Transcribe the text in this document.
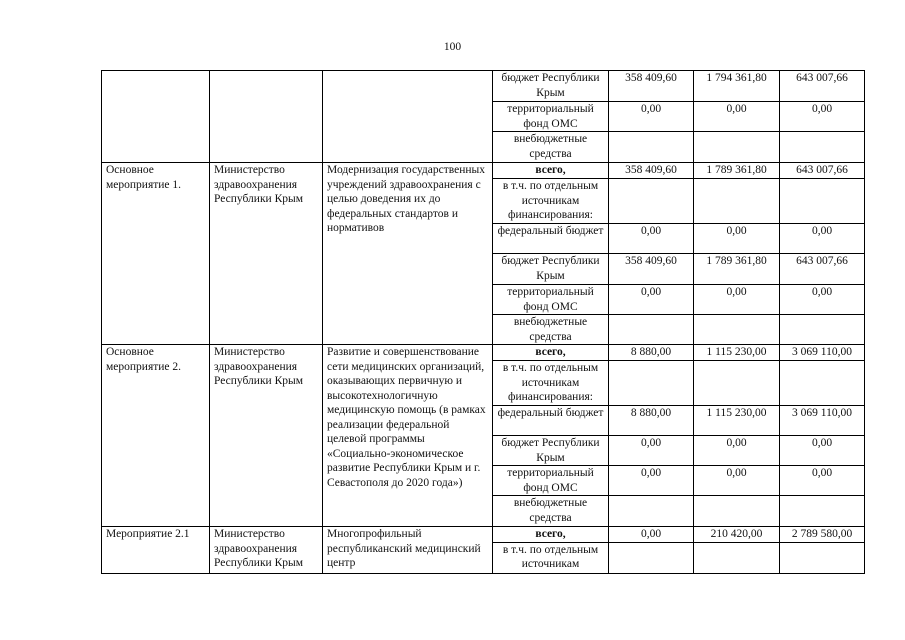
100
			бюджет Республики Крым	358 409,60	1 794 361,80	643 007,66
			территориальный фонд ОМС	0,00	0,00	0,00
			внебюджетные средства			
Основное мероприятие 1.	Министерство здравоохранения Республики Крым	Модернизация государственных учреждений здравоохранения с целью доведения их до федеральных стандартов и нормативов	всего,	358 409,60	1 789 361,80	643 007,66
			в т.ч. по отдельным источникам финансирования:			
			федеральный бюджет	0,00	0,00	0,00
			бюджет Республики Крым	358 409,60	1 789 361,80	643 007,66
			территориальный фонд ОМС	0,00	0,00	0,00
			внебюджетные средства			
Основное мероприятие 2.	Министерство здравоохранения Республики Крым	Развитие и совершенствование сети медицинских организаций, оказывающих первичную и высокотехнологичную медицинскую помощь (в рамках реализации федеральной целевой программы «Социально-экономическое развитие Республики Крым и г. Севастополя до 2020 года»)	всего,	8 880,00	1 115 230,00	3 069 110,00
			в т.ч. по отдельным источникам финансирования:			
			федеральный бюджет	8 880,00	1 115 230,00	3 069 110,00
			бюджет Республики Крым	0,00	0,00	0,00
			территориальный фонд ОМС	0,00	0,00	0,00
			внебюджетные средства			
Мероприятие 2.1	Министерство здравоохранения Республики Крым	Многопрофильный республиканский медицинский центр	всего,	0,00	210 420,00	2 789 580,00
			в т.ч. по отдельным источникам			
